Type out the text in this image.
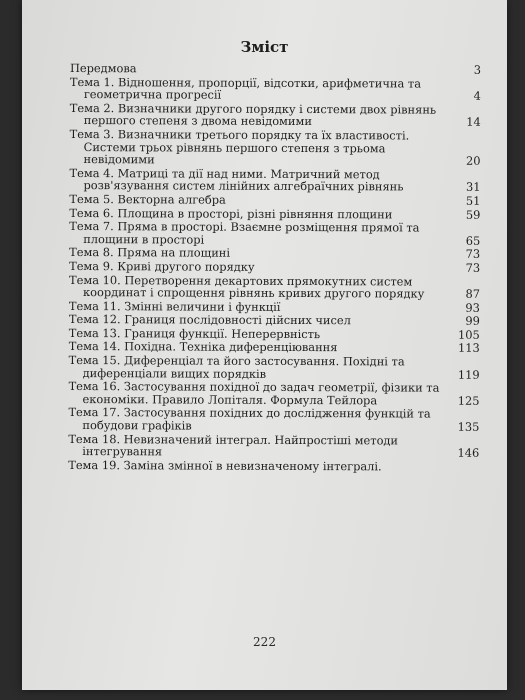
Зміст
Передмова	3
Тема 1. Відношення, пропорції, відсотки, арифметична та геометрична прогресії	4
Тема 2. Визначники другого порядку і системи двох рівнянь першого степеня з двома невідомими	14
Тема 3. Визначники третього порядку та їх властивості. Системи трьох рівнянь першого степеня з трьома невідомими	20
Тема 4. Матриці та дії над ними. Матричний метод розв'язування систем лінійних алгебраїчних рівнянь	31
Тема 5. Векторна алгебра	51
Тема 6. Площина в просторі, різні рівняння площини	59
Тема 7. Пряма в просторі. Взаємне розміщення прямої та площини в просторі	65
Тема 8. Пряма на площині	73
Тема 9. Криві другого порядку	73
Тема 10. Перетворення декартових прямокутних систем координат і спрощення рівнянь кривих другого порядку	87
Тема 11. Змінні величини і функції	93
Тема 12. Границя послідовності дійсних чисел	99
Тема 13. Границя функції. Неперервність	105
Тема 14. Похідна. Техніка диференціювання	113
Тема 15. Диференціал та його застосування. Похідні та диференціали вищих порядків	119
Тема 16. Застосування похідної до задач геометрії, фізики та економіки. Правило Лопіталя. Формула Тейлора	125
Тема 17. Застосування похідних до дослідження функцій та побудови графіків	135
Тема 18. Невизначений інтеграл. Найпростіші методи інтегрування	146
Тема 19. Заміна змінної в невизначеному інтегралі.
222
